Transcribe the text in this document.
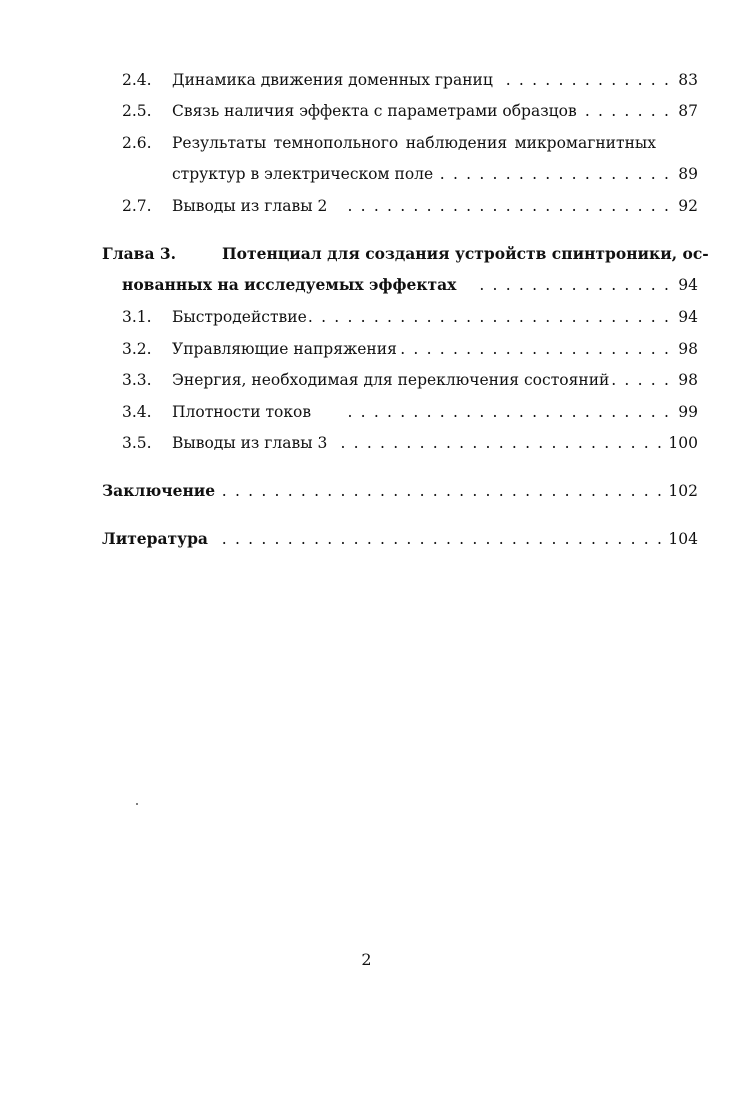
2.4. Динамика движения доменных границ . . . . . . . . . . . . . 83
2.5. Связь наличия эффекта с параметрами образцов . . . . . . . 87
2.6. Результаты темнопольного наблюдения микромагнитных
структур в электрическом поле . . . . . . . . . . . . . . . . . . 89
2.7. Выводы из главы 2	. . . . . . . . . . . . . . . . . . . . . . . . . 92
Глава 3.	Потенциал для создания устройств спинтроники, ос-
нованных на исследуемых эффектах	. . . . . . . . . . . . . . . 94
3.1. Быстродействие . . . . . . . . . . . . . . . . . . . . . . . . . . . . 94
3.2. Управляющие напряжения . . . . . . . . . . . . . . . . . . . . . 98
3.3. Энергия, необходимая для переключения состояний . . . . . 98
3.4. Плотности токов	. . . . . . . . . . . . . . . . . . . . . . . . . 99
3.5. Выводы из главы 3 . . . . . . . . . . . . . . . . . . . . . . . . . 100
Заключение . . . . . . . . . . . . . . . . . . . . . . . . . . . . . . . . . . 102
Литература . . . . . . . . . . . . . . . . . . . . . . . . . . . . . . . . . . 104
2
